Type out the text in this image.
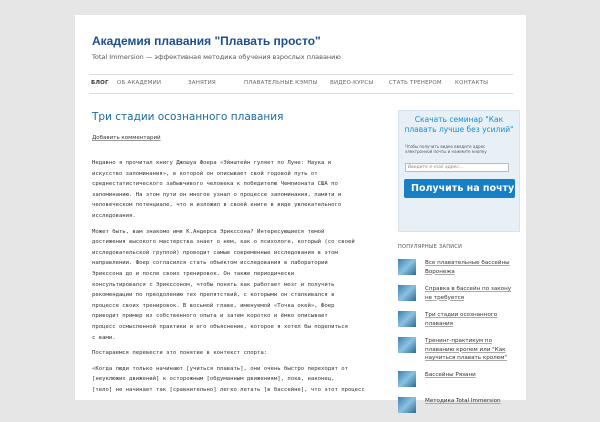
Академия плавания "Плавать просто"
Total Immersion — эффективная методика обучения взрослых плаванию
БЛОГ ОБ АКАДЕМИИ	ЗАНЯТИЯ	ПЛАВАТЕЛЬНЫЕ КЭМПЫ ВИДЕО-КУРСЫ	СТАТЬ ТРЕНЕРОМ КОНТАКТЫ
Три стадии осознанного плавания
Добавить комментарий

Недавно я прочитал книгу Джошуа Фоера «Эйнштейн гуляет по Луне: Наука и

искусство запоминания», в которой он описывает свой годовой путь от

среднестатистического забывчивого человека к победителю Чемпионата США по

запоминанию. На этом пути он многое узнал о процессе запоминания, памяти и

человеческом потенциале, что и изложил в своей книге в виде увлекательного

исследования.

Может быть, вам знакомо имя К.Андерса Эрикссона? Интересующиеся темой

достижения высокого мастерства знает о нем, как о психологе, который (со своей

исследовательской группой) проводит самые современные исследования в этом

направлении. Фоер согласился стать объектом исследования в лаборатории

Эрикссона до и после своих тренировок. Он также периодически

консультировался с Эрикссоном, чтобы понять как работает мозг и получить

рекомендации по преодолению тех препятствий, с которыми он сталкивался в

процессе своих тренировок. В восьмой главе, именуемой «Точка окей», Фоер

приводит пример из собственного опыта и затем коротко и ёмко описывает

процесс осмысленной практики и его объяснение, которое я хотел бы поделиться

с вами.

Постараемся перевести это понятие в контекст спорта:

«Когда люди только начинают [учиться плавать], они очень быстро переходят от

[неуклюжих движений] к осторожным [обдуманным движениям], пока, наконец,

[тело] не начинает так [сравнительно] легко летать [в бассейне], что этот процесс

Скачать семинар "Как плавать лучше без усилий"
Чтобы получить видео введите адрес электронной почты и нажмите кнопку
Введите e-mail адрес...
Получить на почту
ПОПУЛЯРНЫЕ ЗАПИСИ
Все плавательные бассейны Воронежа
Справка в бассейн по закону не требуется
Три стадии осознанного плавания
Тренинг-практикум по плаванию кролем или "Как научиться плавать кролем"
Бассейны Рязани
Методика Total Immersion
